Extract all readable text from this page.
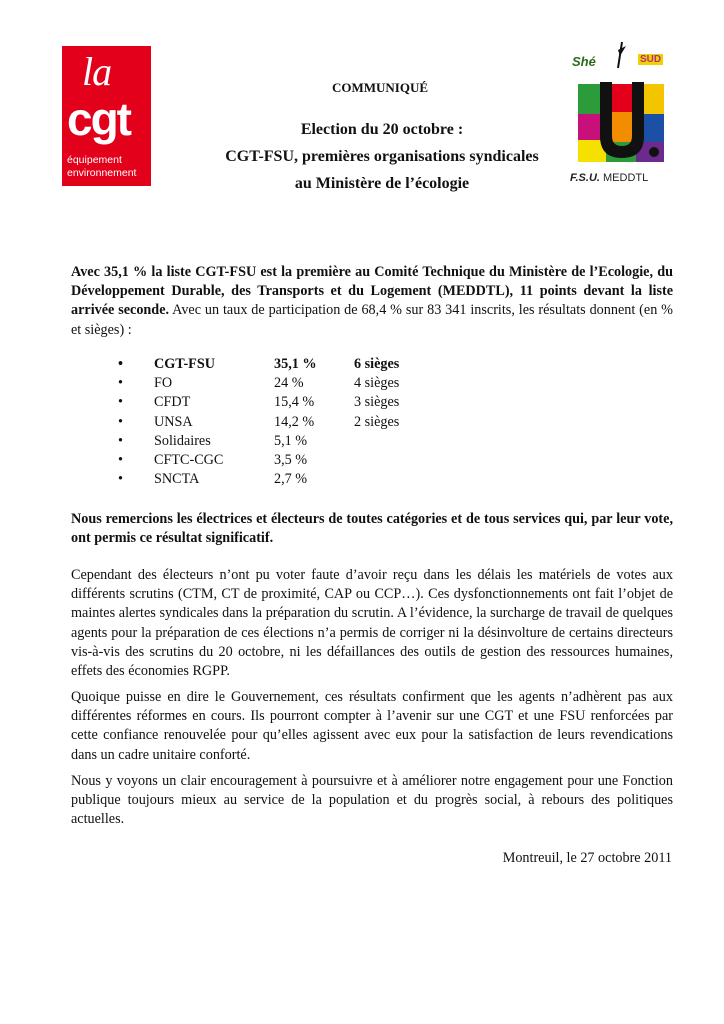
la
cgt
équipement
environnement
Shé	SUD
F.S.U. MEDDTL
COMMUNIQUÉ
Election du 20 octobre :
CGT-FSU, premières organisations syndicales
au Ministère de l’écologie

Avec 35,1 % la liste CGT-FSU est la première au Comité Technique du Ministère de l’Ecologie, du Développement Durable, des Transports et du Logement (MEDDTL), 11 points devant la liste arrivée seconde. Avec un taux de participation de 68,4 % sur 83 341 inscrits, les résultats donnent (en % et sièges) :

•	CGT-FSU	35,1 %	6 sièges
•	FO	24 %	4 sièges
•	CFDT	15,4 %	3 sièges
•	UNSA	14,2 %	2 sièges
•	Solidaires	5,1 %
•	CFTC-CGC	3,5 %
•	SNCTA	2,7 %

Nous remercions les électrices et électeurs de toutes catégories et de tous services qui, par leur vote, ont permis ce résultat significatif.

Cependant des électeurs n’ont pu voter faute d’avoir reçu dans les délais les matériels de votes aux différents scrutins (CTM, CT de proximité, CAP ou CCP…). Ces dysfonctionnements ont fait l’objet de maintes alertes syndicales dans la préparation du scrutin. A l’évidence, la surcharge de travail de quelques agents pour la préparation de ces élections n’a permis de corriger ni la désinvolture de certains directeurs vis-à-vis des scrutins du 20 octobre, ni les défaillances des outils de gestion des ressources humaines, effets des économies RGPP.

Quoique puisse en dire le Gouvernement, ces résultats confirment que les agents n’adhèrent pas aux différentes réformes en cours. Ils pourront compter à l’avenir sur une CGT et une FSU renforcées par cette confiance renouvelée pour qu’elles agissent avec eux pour la satisfaction de leurs revendications dans un cadre unitaire conforté.

Nous y voyons un clair encouragement à poursuivre et à améliorer notre engagement pour une Fonction publique toujours mieux au service de la population et du progrès social, à rebours des politiques actuelles.

Montreuil, le 27 octobre 2011
